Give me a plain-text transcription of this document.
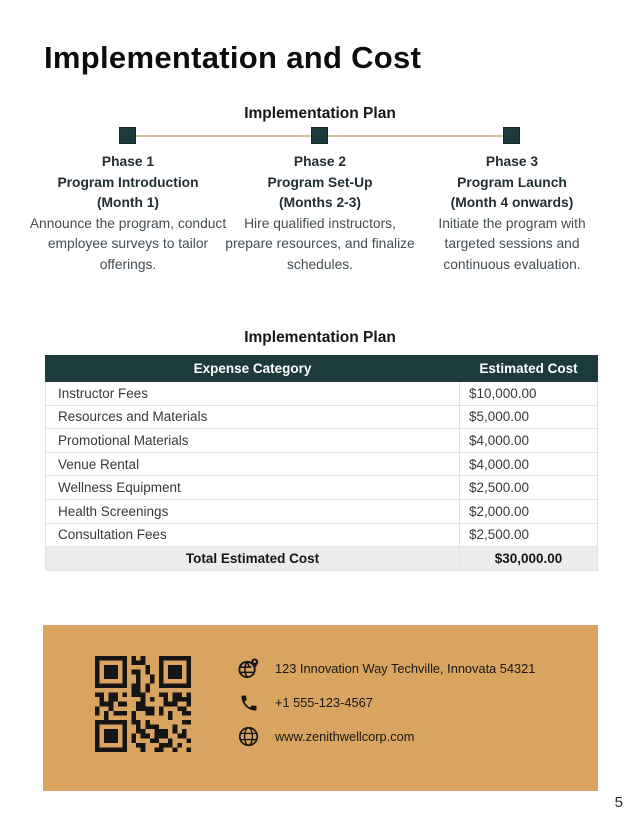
Implementation and Cost
Implementation Plan
Phase 1
Program Introduction
(Month 1)
Announce the program, conduct employee surveys to tailor offerings.
Phase 2
Program Set-Up
(Months 2-3)
Hire qualified instructors, prepare resources, and finalize schedules.
Phase 3
Program Launch
(Month 4 onwards)
Initiate the program with targeted sessions and continuous evaluation.
Implementation Plan
Expense Category	Estimated Cost
Instructor Fees	$10,000.00
Resources and Materials	$5,000.00
Promotional Materials	$4,000.00
Venue Rental	$4,000.00
Wellness Equipment	$2,500.00
Health Screenings	$2,000.00
Consultation Fees	$2,500.00
Total Estimated Cost	$30,000.00
123 Innovation Way Techville, Innovata 54321
+1 555-123-4567
www.zenithwellcorp.com
5
